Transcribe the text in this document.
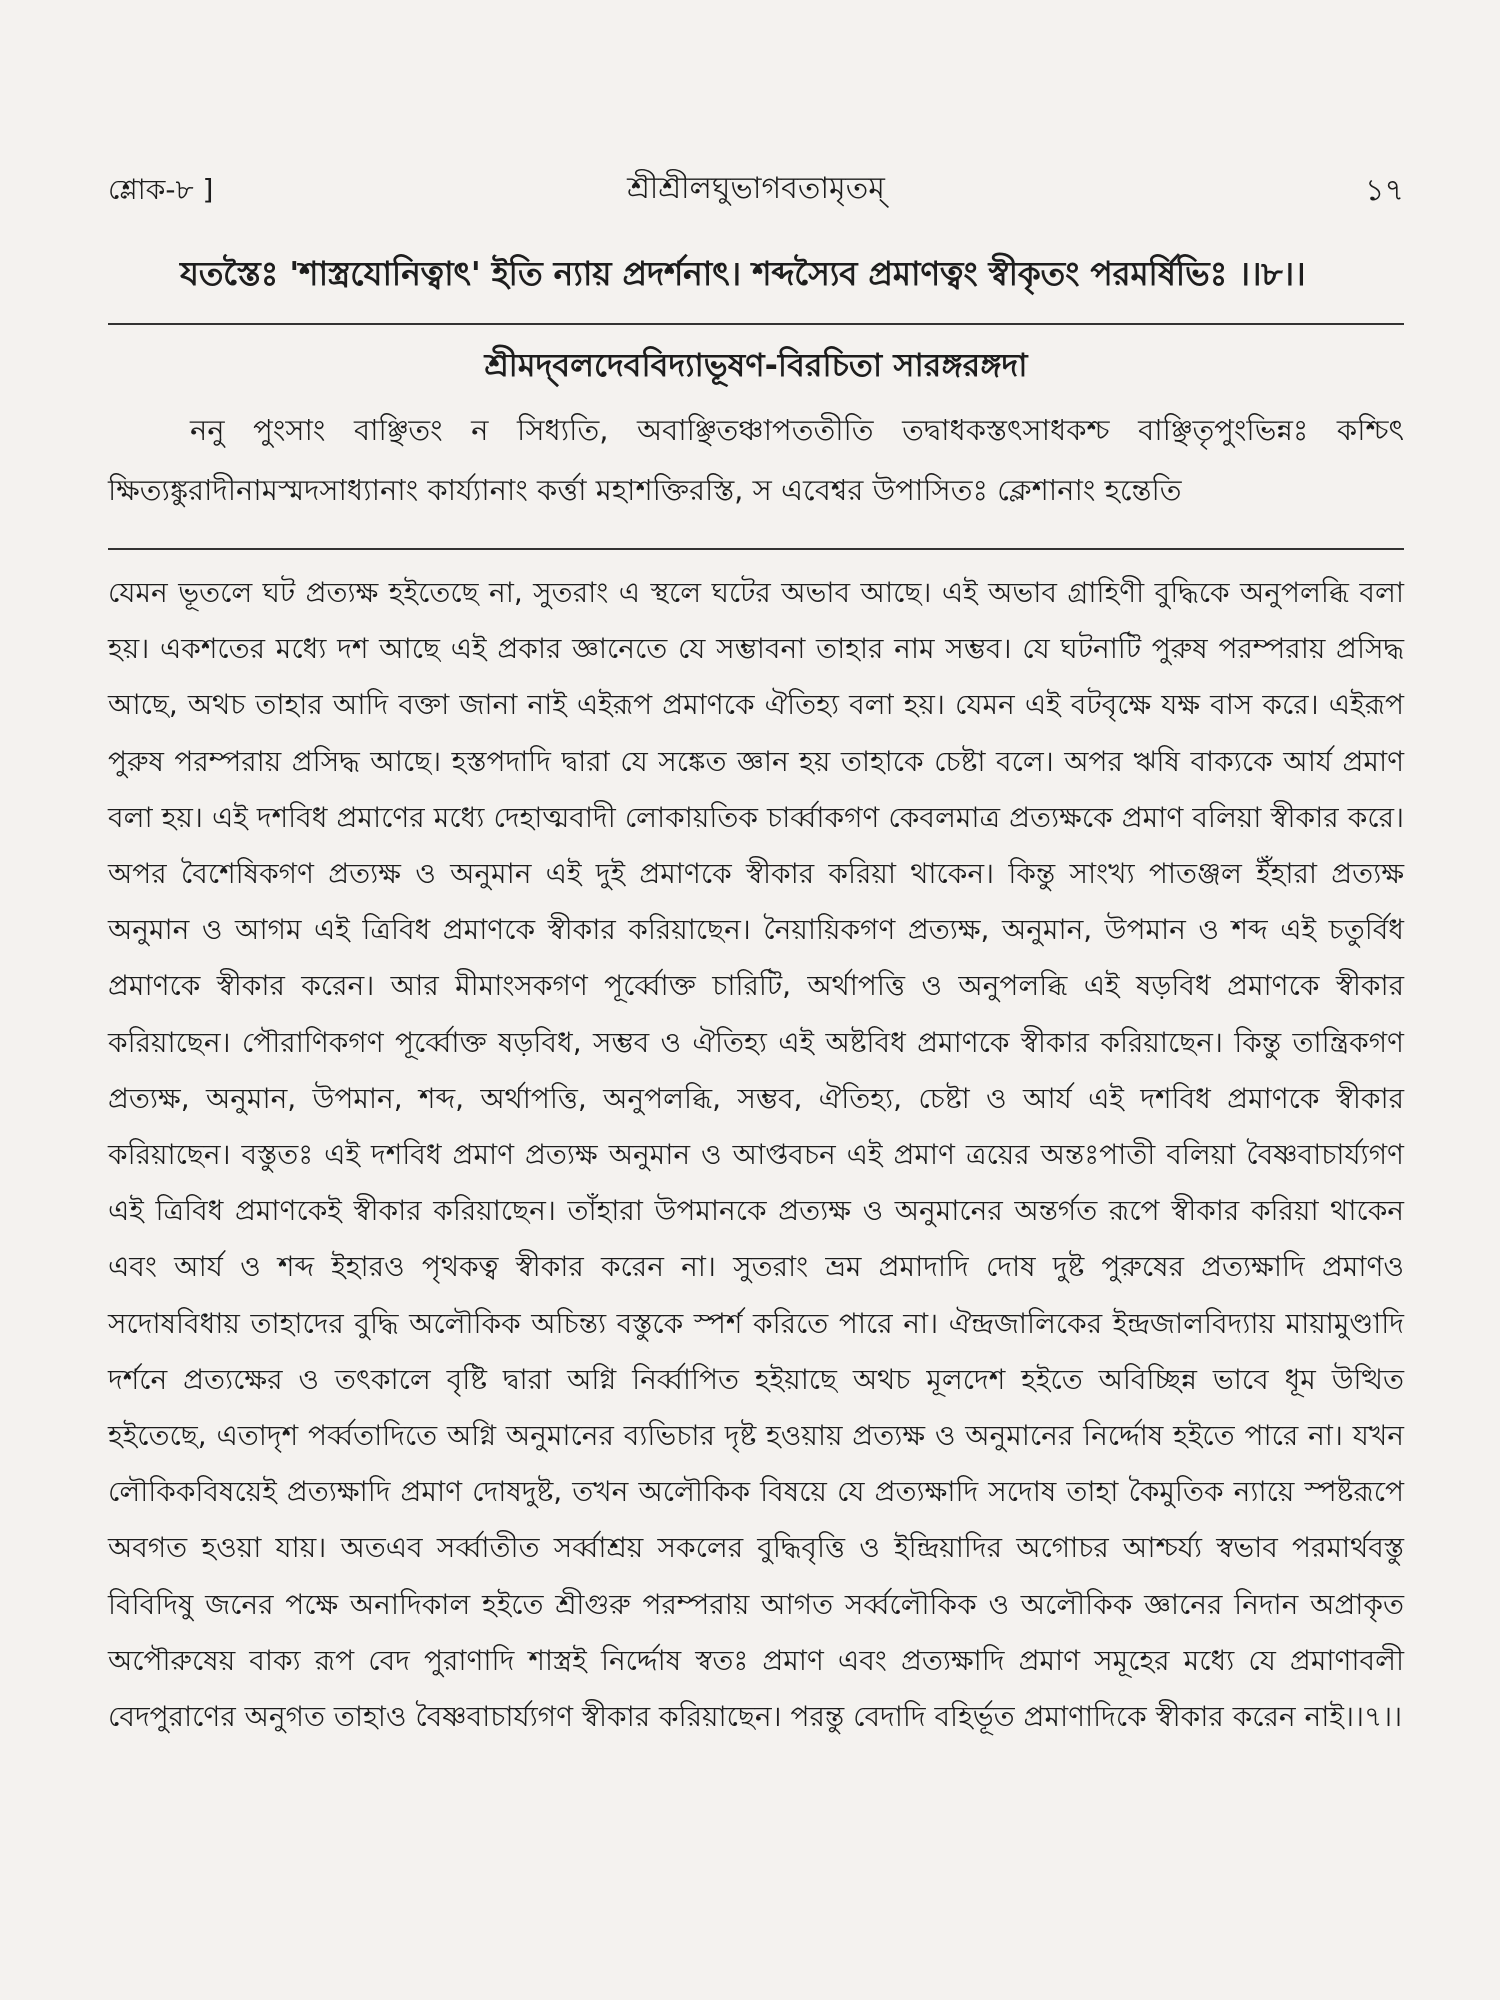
শ্লোক-৮ ]	শ্রীশ্রীলঘুভাগবতামৃতম্	১৭
যতস্তৈঃ 'শাস্ত্রযোনিত্বাৎ' ইতি ন্যায় প্রদর্শনাৎ। শব্দস্যৈব প্রমাণত্বং স্বীকৃতং পরমর্ষিভিঃ ।।৮।।
শ্রীমদ্‌বলদেববিদ্যাভূষণ-বিরচিতা সারঙ্গরঙ্গদা
ননু পুংসাং বাঞ্ছিতং ন সিধ্যতি, অবাঞ্ছিতঞ্চাপততীতি তদ্বাধকস্তৎসাধকশ্চ বাঞ্ছিতৃপুংভিন্নঃ কশ্চিৎ ক্ষিত্যঙ্কুরাদীনামস্মদসাধ্যানাং কার্য্যানাং কর্ত্তা মহাশক্তিরস্তি, স এবেশ্বর উপাসিতঃ ক্লেশানাং হন্তেতি
যেমন ভূতলে ঘট প্রত্যক্ষ হইতেছে না, সুতরাং এ স্থলে ঘটের অভাব আছে। এই অভাব গ্রাহিণী বুদ্ধিকে অনুপলব্ধি বলা হয়। একশতের মধ্যে দশ আছে এই প্রকার জ্ঞানেতে যে সম্ভাবনা তাহার নাম সম্ভব। যে ঘটনাটি পুরুষ পরম্পরায় প্রসিদ্ধ আছে, অথচ তাহার আদি বক্তা জানা নাই এইরূপ প্রমাণকে ঐতিহ্য বলা হয়। যেমন এই বটবৃক্ষে যক্ষ বাস করে। এইরূপ পুরুষ পরম্পরায় প্রসিদ্ধ আছে। হস্তপদাদি দ্বারা যে সঙ্কেত জ্ঞান হয় তাহাকে চেষ্টা বলে। অপর ঋষি বাক্যকে আর্য প্রমাণ বলা হয়। এই দশবিধ প্রমাণের মধ্যে দেহাত্মবাদী লোকায়তিক চার্ব্বাকগণ কেবলমাত্র প্রত্যক্ষকে প্রমাণ বলিয়া স্বীকার করে। অপর বৈশেষিকগণ প্রত্যক্ষ ও অনুমান এই দুই প্রমাণকে স্বীকার করিয়া থাকেন। কিন্তু সাংখ্য পাতঞ্জল ইঁহারা প্রত্যক্ষ অনুমান ও আগম এই ত্রিবিধ প্রমাণকে স্বীকার করিয়াছেন। নৈয়ায়িকগণ প্রত্যক্ষ, অনুমান, উপমান ও শব্দ এই চতুর্বিধ প্রমাণকে স্বীকার করেন। আর মীমাংসকগণ পূর্ব্বোক্ত চারিটি, অর্থাপত্তি ও অনুপলব্ধি এই ষড়বিধ প্রমাণকে স্বীকার করিয়াছেন। পৌরাণিকগণ পূর্ব্বোক্ত ষড়বিধ, সম্ভব ও ঐতিহ্য এই অষ্টবিধ প্রমাণকে স্বীকার করিয়াছেন। কিন্তু তান্ত্রিকগণ প্রত্যক্ষ, অনুমান, উপমান, শব্দ, অর্থাপত্তি, অনুপলব্ধি, সম্ভব, ঐতিহ্য, চেষ্টা ও আর্য এই দশবিধ প্রমাণকে স্বীকার করিয়াছেন। বস্তুতঃ এই দশবিধ প্রমাণ প্রত্যক্ষ অনুমান ও আপ্তবচন এই প্রমাণ ত্রয়ের অন্তঃপাতী বলিয়া বৈষ্ণবাচার্য্যগণ এই ত্রিবিধ প্রমাণকেই স্বীকার করিয়াছেন। তাঁহারা উপমানকে প্রত্যক্ষ ও অনুমানের অন্তর্গত রূপে স্বীকার করিয়া থাকেন এবং আর্য ও শব্দ ইহারও পৃথকত্ব স্বীকার করেন না। সুতরাং ভ্রম প্রমাদাদি দোষ দুষ্ট পুরুষের প্রত্যক্ষাদি প্রমাণও সদোষবিধায় তাহাদের বুদ্ধি অলৌকিক অচিন্ত্য বস্তুকে স্পর্শ করিতে পারে না। ঐন্দ্রজালিকের ইন্দ্রজালবিদ্যায় মায়ামুণ্ডাদি দর্শনে প্রত্যক্ষের ও তৎকালে বৃষ্টি দ্বারা অগ্নি নির্ব্বাপিত হইয়াছে অথচ মূলদেশ হইতে অবিচ্ছিন্ন ভাবে ধূম উত্থিত হইতেছে, এতাদৃশ পর্ব্বতাদিতে অগ্নি অনুমানের ব্যভিচার দৃষ্ট হওয়ায় প্রত্যক্ষ ও অনুমানের নির্দ্দোষ হইতে পারে না। যখন লৌকিকবিষয়েই প্রত্যক্ষাদি প্রমাণ দোষদুষ্ট, তখন অলৌকিক বিষয়ে যে প্রত্যক্ষাদি সদোষ তাহা কৈমুতিক ন্যায়ে স্পষ্টরূপে অবগত হওয়া যায়। অতএব সর্ব্বাতীত সর্ব্বাশ্রয় সকলের বুদ্ধিবৃত্তি ও ইন্দ্রিয়াদির অগোচর আশ্চর্য্য স্বভাব পরমার্থবস্তু বিবিদিষু জনের পক্ষে অনাদিকাল হইতে শ্রীগুরু পরম্পরায় আগত সর্ব্বলৌকিক ও অলৌকিক জ্ঞানের নিদান অপ্রাকৃত অপৌরুষেয় বাক্য রূপ বেদ পুরাণাদি শাস্ত্রই নির্দ্দোষ স্বতঃ প্রমাণ এবং প্রত্যক্ষাদি প্রমাণ সমূহের মধ্যে যে প্রমাণাবলী বেদপুরাণের অনুগত তাহাও বৈষ্ণবাচার্য্যগণ স্বীকার করিয়াছেন। পরন্তু বেদাদি বহির্ভূত প্রমাণাদিকে স্বীকার করেন নাই।।৭।।
